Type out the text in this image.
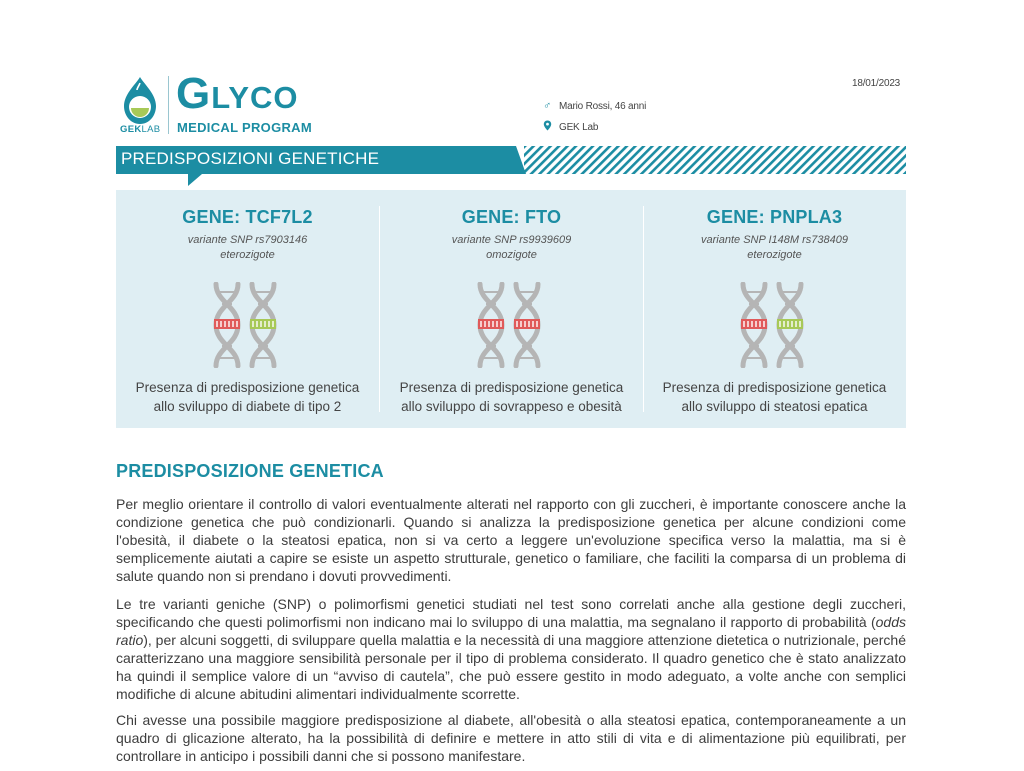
18/01/2023
GEKLAB
Glyco
MEDICAL PROGRAM
♂ Mario Rossi, 46 anni
GEK Lab
PREDISPOSIZIONI GENETICHE
GENE: TCF7L2
variante SNP rs7903146
eterozigote
Presenza di predisposizione genetica
allo sviluppo di diabete di tipo 2
GENE: FTO
variante SNP rs9939609
omozigote
Presenza di predisposizione genetica
allo sviluppo di sovrappeso e obesità
GENE: PNPLA3
variante SNP I148M rs738409
eterozigote
Presenza di predisposizione genetica
allo sviluppo di steatosi epatica
PREDISPOSIZIONE GENETICA
Per meglio orientare il controllo di valori eventualmente alterati nel rapporto con gli zuccheri, è importante conoscere anche la condizione genetica che può condizionarli. Quando si analizza la predisposizione genetica per alcune condizioni come l'obesità, il diabete o la steatosi epatica, non si va certo a leggere un'evoluzione specifica verso la malattia, ma si è semplicemente aiutati a capire se esiste un aspetto strutturale, genetico o familiare, che faciliti la comparsa di un problema di salute quando non si prendano i dovuti provvedimenti.
Le tre varianti geniche (SNP) o polimorfismi genetici studiati nel test sono correlati anche alla gestione degli zuccheri, specificando che questi polimorfismi non indicano mai lo sviluppo di una malattia, ma segnalano il rapporto di probabilità (odds ratio), per alcuni soggetti, di sviluppare quella malattia e la necessità di una maggiore attenzione dietetica o nutrizionale, perché caratterizzano una maggiore sensibilità personale per il tipo di problema considerato. Il quadro genetico che è stato analizzato ha quindi il semplice valore di un “avviso di cautela”, che può essere gestito in modo adeguato, a volte anche con semplici modifiche di alcune abitudini alimentari individualmente scorrette.
Chi avesse una possibile maggiore predisposizione al diabete, all'obesità o alla steatosi epatica, contemporaneamente a un quadro di glicazione alterato, ha la possibilità di definire e mettere in atto stili di vita e di alimentazione più equilibrati, per controllare in anticipo i possibili danni che si possono manifestare.
